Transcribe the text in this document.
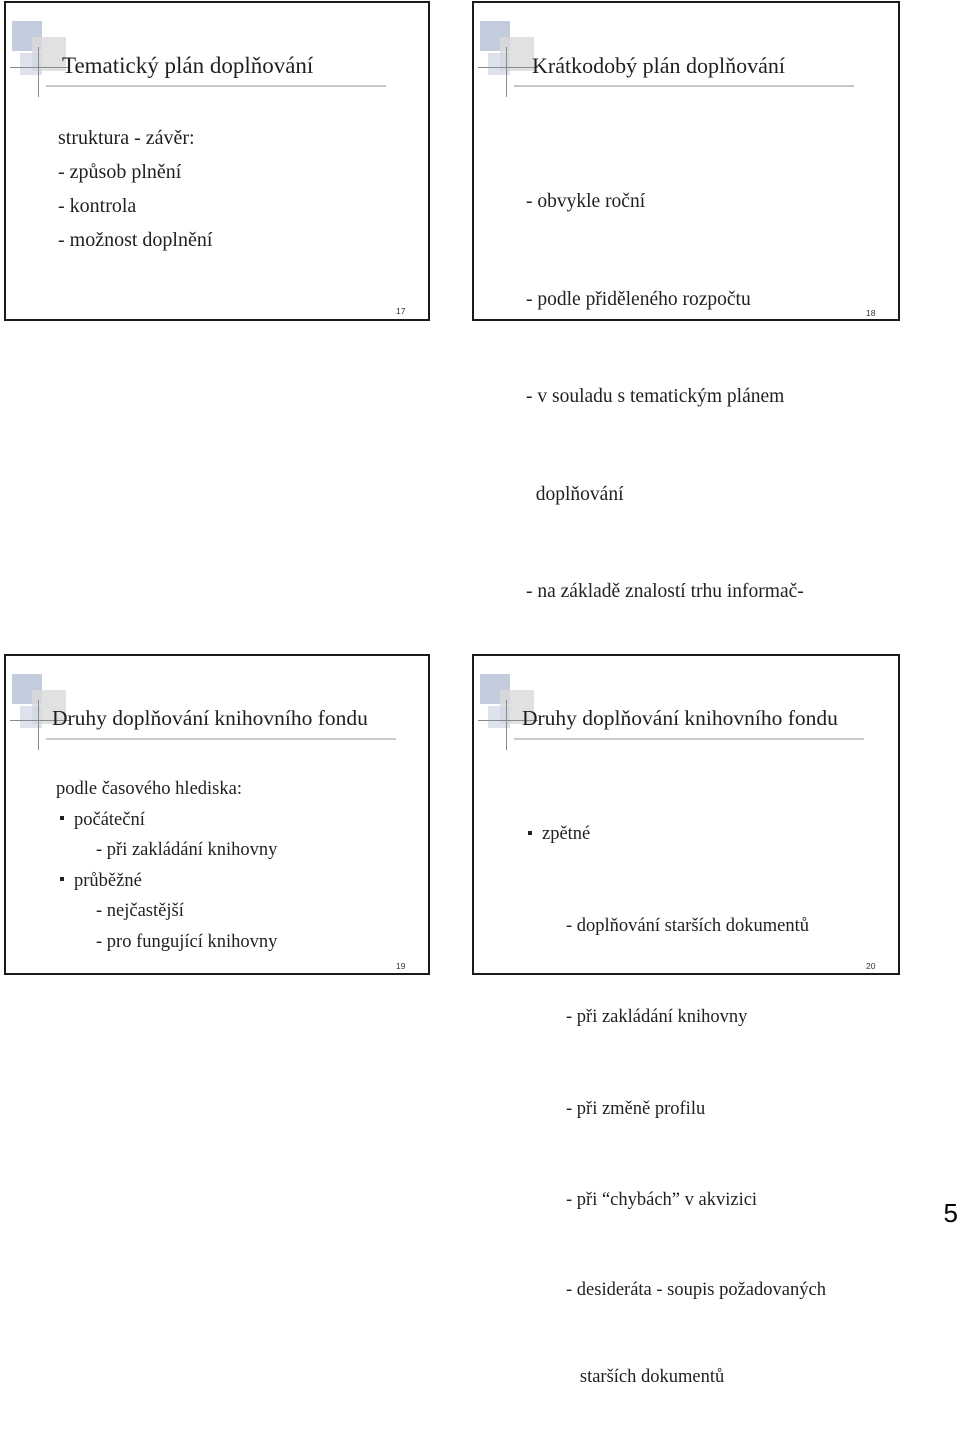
Tematický plán doplňování
struktura - závěr:
- způsob plnění
- kontrola
- možnost doplnění
17
Krátkodobý plán doplňování

- obvykle roční

- podle přiděleného rozpočtu

- v souladu s tematickým plánem

doplňování

- na základě znalostí trhu informač-

18
Druhy doplňování knihovního fondu
podle časového hlediska:
počáteční
- při zakládání knihovny
průběžné
- nejčastější
- pro fungující knihovny
19
Druhy doplňování knihovního fondu

zpětné

- doplňování starších dokumentů

- při zakládání knihovny

- při změně profilu

- při “chybách” v akvizici

- desideráta - soupis požadovaných

starších dokumentů

20
5
